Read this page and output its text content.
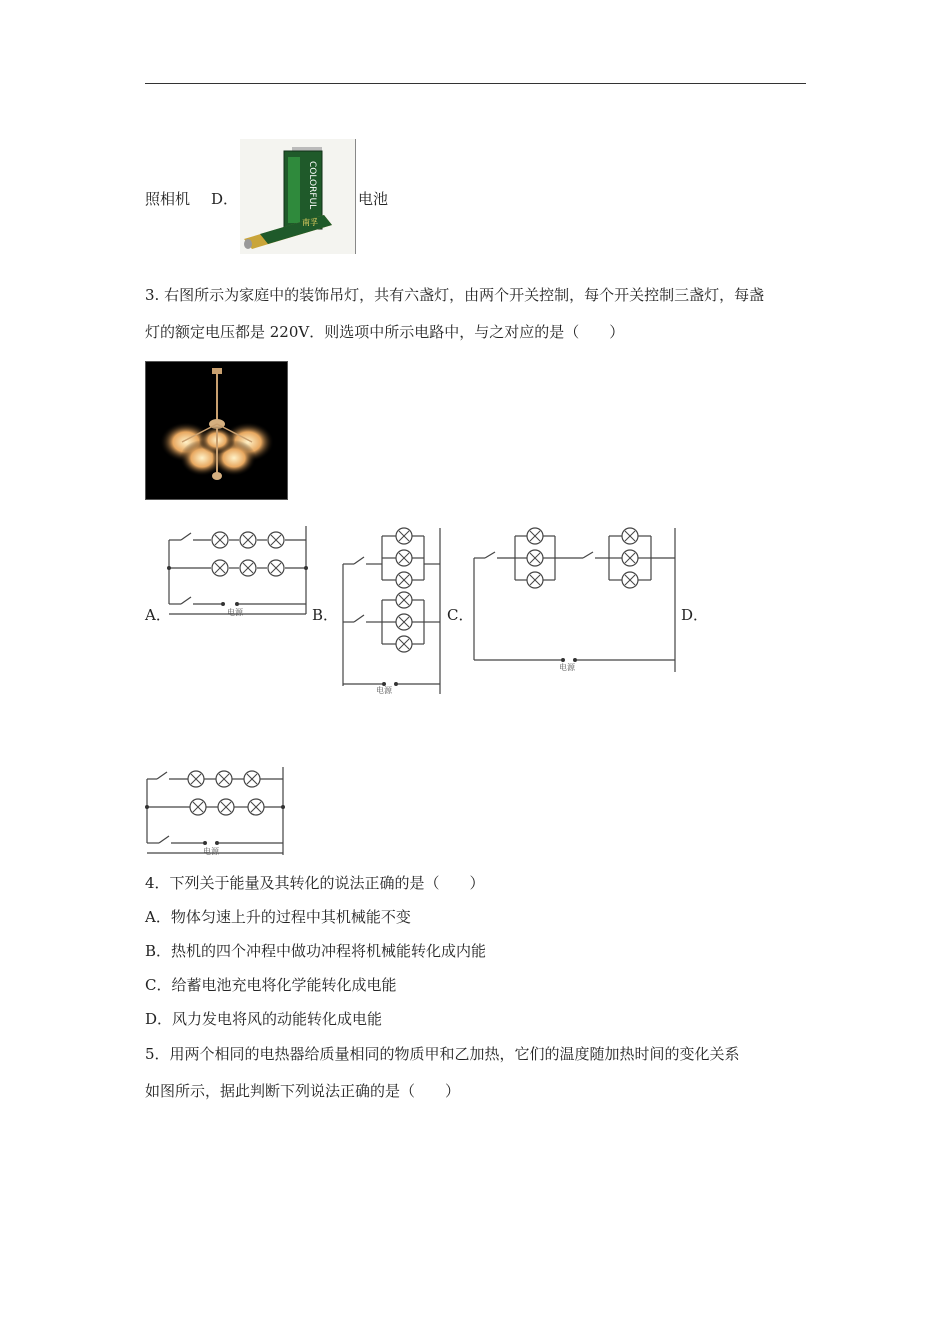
照相机 D．	COLORFUL
南孚
电池
3. 右图所示为家庭中的装饰吊灯，共有六盏灯，由两个开关控制，每个开关控制三盏灯，每盏
灯的额定电压都是 220V．则选项中所示电路中，与之对应的是（　　）
A．	电源	B．
电源
C．
电源
D．
电源
4．下列关于能量及其转化的说法正确的是（　　）
A．物体匀速上升的过程中其机械能不变
B．热机的四个冲程中做功冲程将机械能转化成内能
C．给蓄电池充电将化学能转化成电能
D．风力发电将风的动能转化成电能
5．用两个相同的电热器给质量相同的物质甲和乙加热，它们的温度随加热时间的变化关系
如图所示，据此判断下列说法正确的是（　　）
